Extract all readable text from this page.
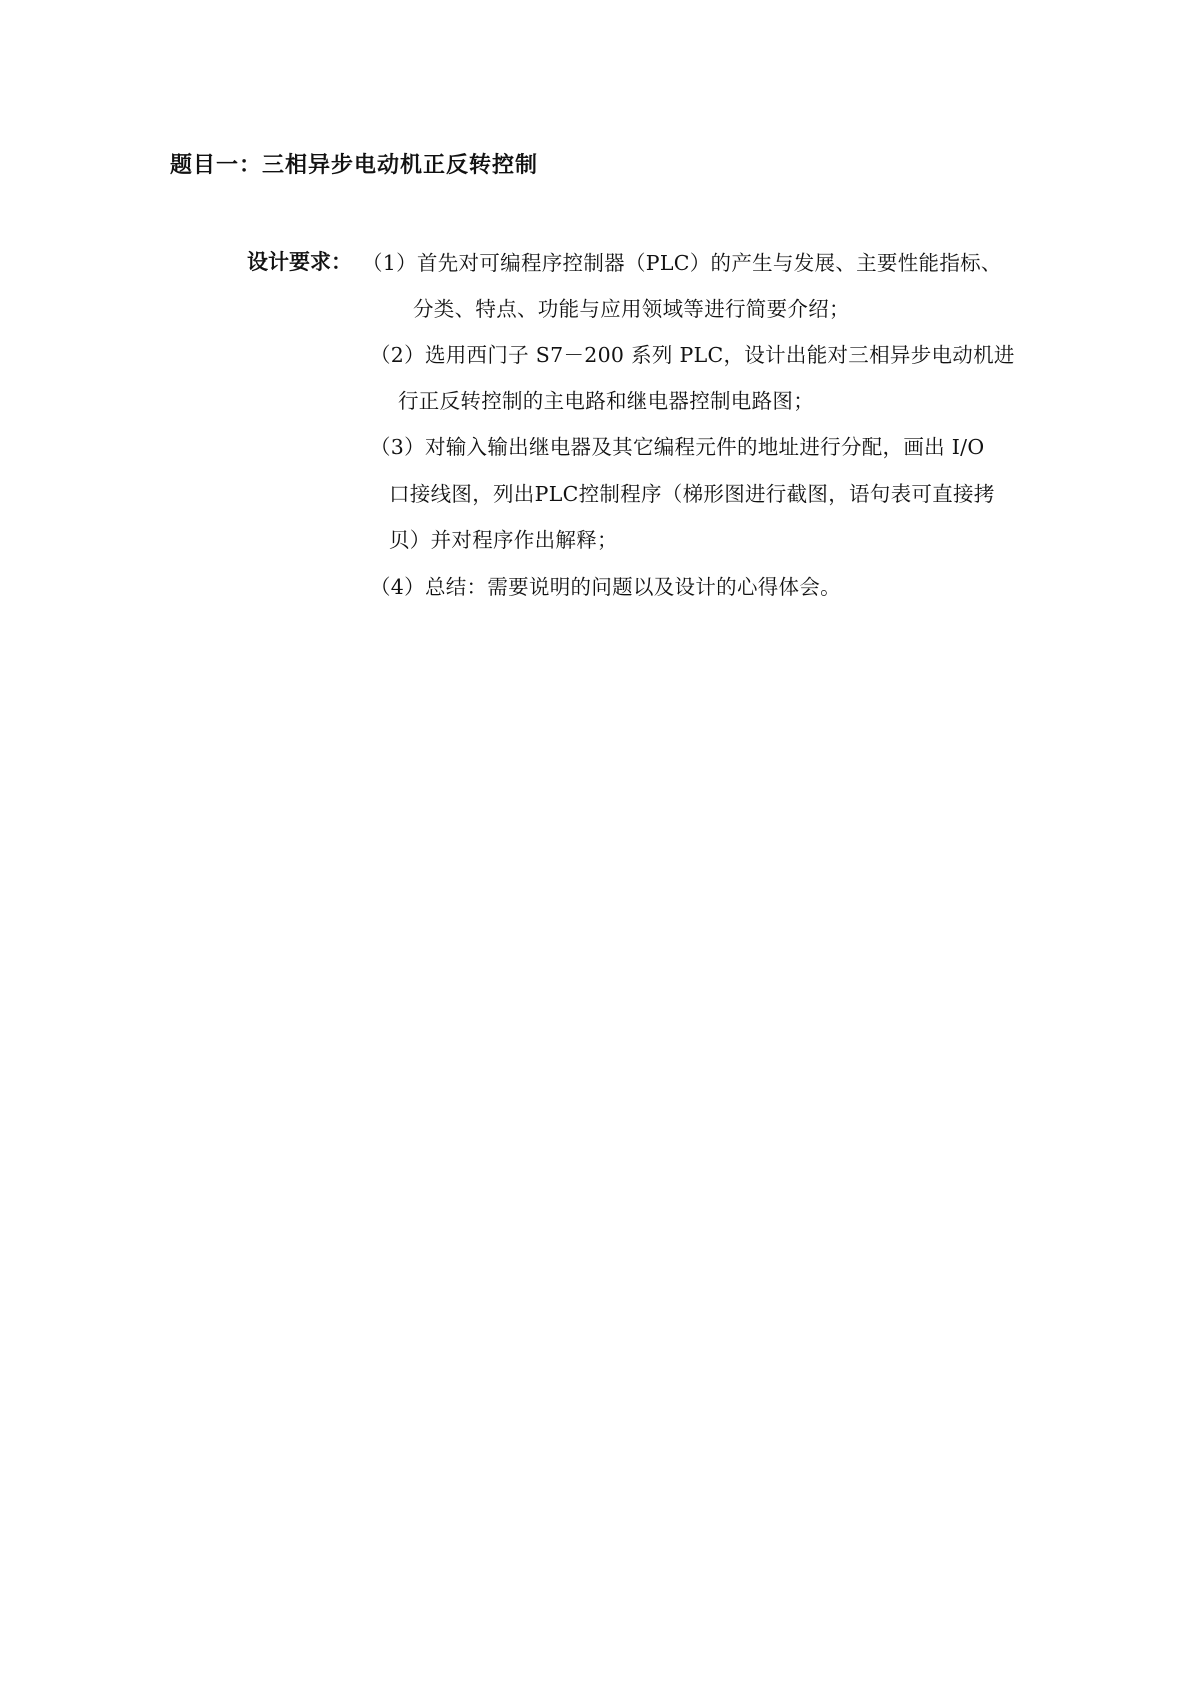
题目一：三相异步电动机正反转控制
设计要求： （1）首先对可编程序控制器（PLC）的产生与发展、主要性能指标、
分类、特点、功能与应用领域等进行简要介绍；
（2）选用西门子 S7－200 系列 PLC，设计出能对三相异步电动机进
行正反转控制的主电路和继电器控制电路图；
（3）对输入输出继电器及其它编程元件的地址进行分配，画出 I/O
口接线图，列出PLC控制程序（梯形图进行截图，语句表可直接拷
贝）并对程序作出解释；
（4）总结：需要说明的问题以及设计的心得体会。
